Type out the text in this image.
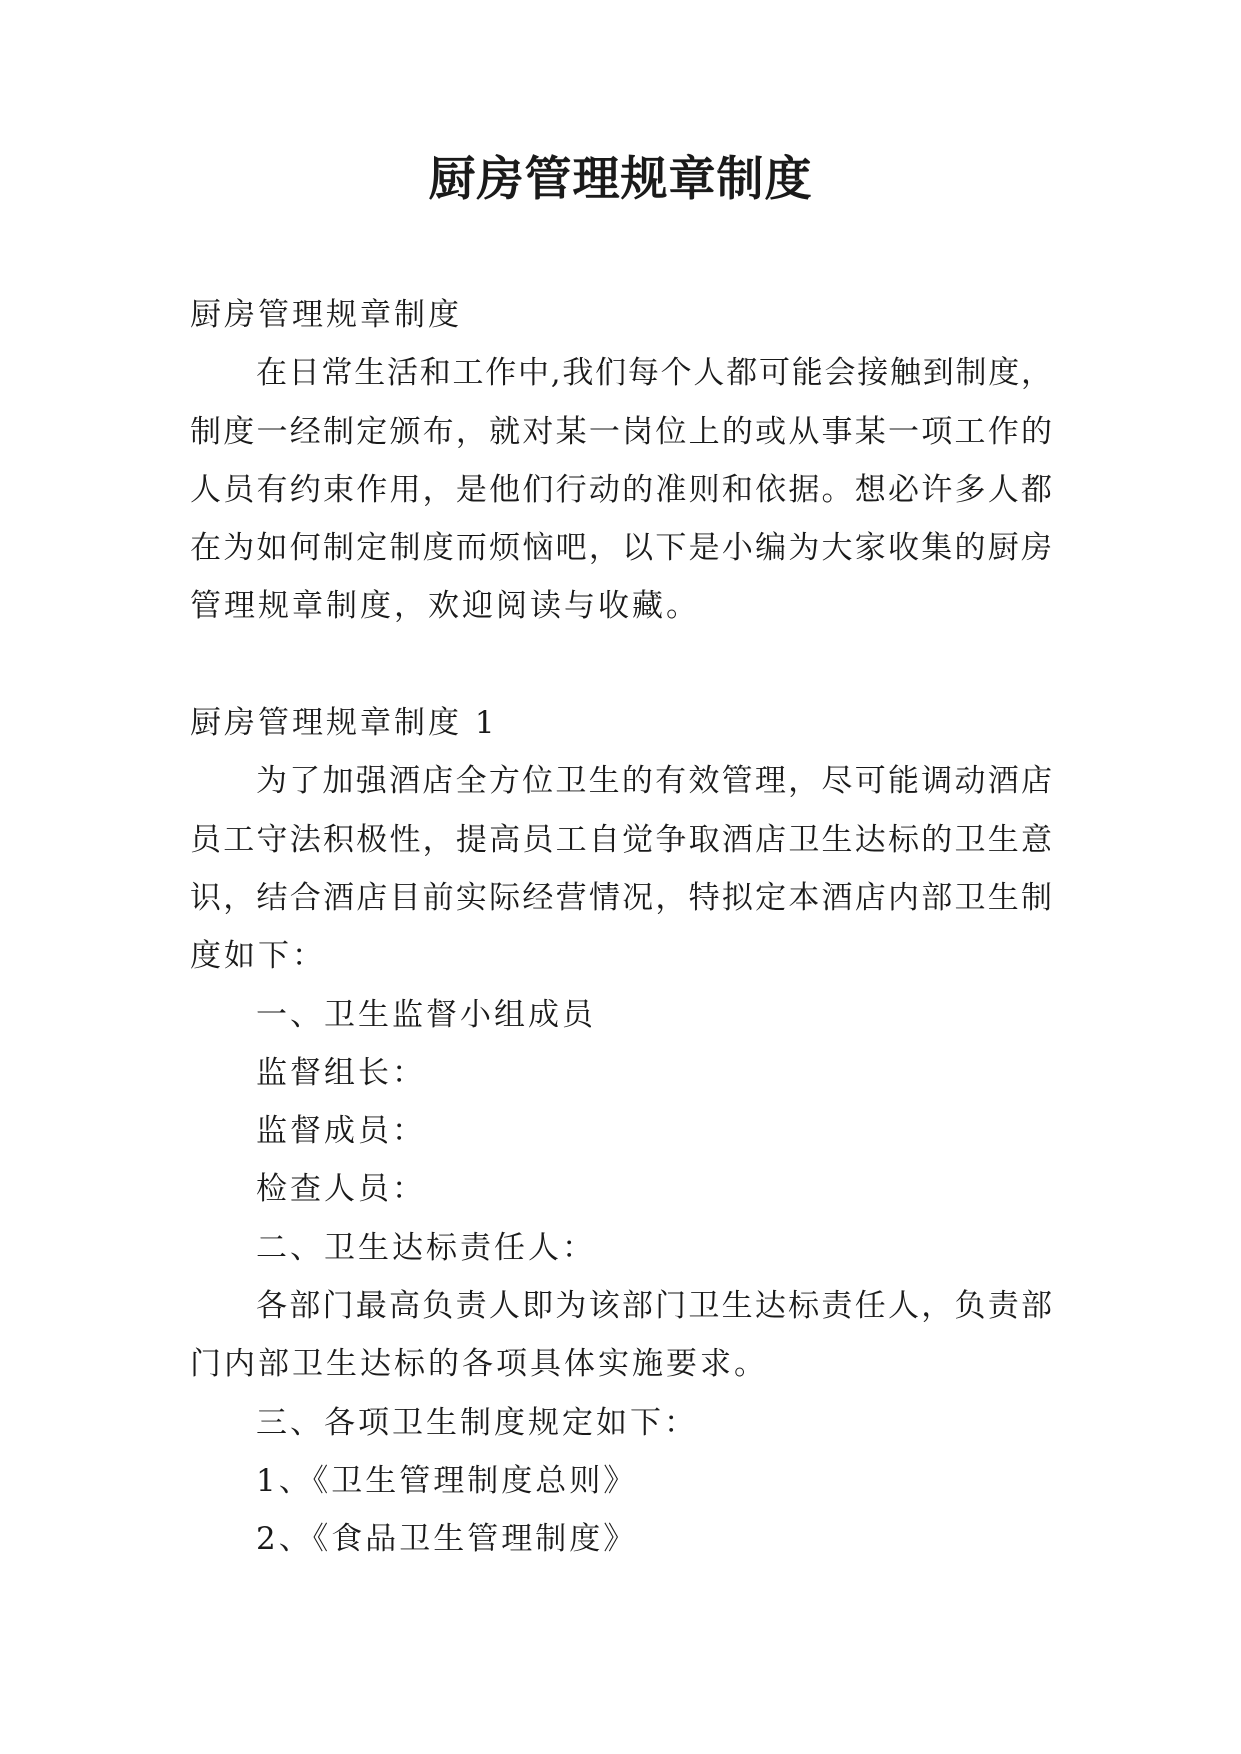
厨房管理规章制度

厨房管理规章制度

在日常生活和工作中,我们每个人都可能会接触到制度，

制度一经制定颁布，就对某一岗位上的或从事某一项工作的

人员有约束作用，是他们行动的准则和依据。想必许多人都

在为如何制定制度而烦恼吧，以下是小编为大家收集的厨房

管理规章制度，欢迎阅读与收藏。

厨房管理规章制度 1

为了加强酒店全方位卫生的有效管理，尽可能调动酒店

员工守法积极性，提高员工自觉争取酒店卫生达标的卫生意

识，结合酒店目前实际经营情况，特拟定本酒店内部卫生制

度如下：

一、卫生监督小组成员

监督组长：

监督成员：

检查人员：

二、卫生达标责任人：

各部门最高负责人即为该部门卫生达标责任人，负责部

门内部卫生达标的各项具体实施要求。

三、各项卫生制度规定如下：

1、《卫生管理制度总则》

2、《食品卫生管理制度》
